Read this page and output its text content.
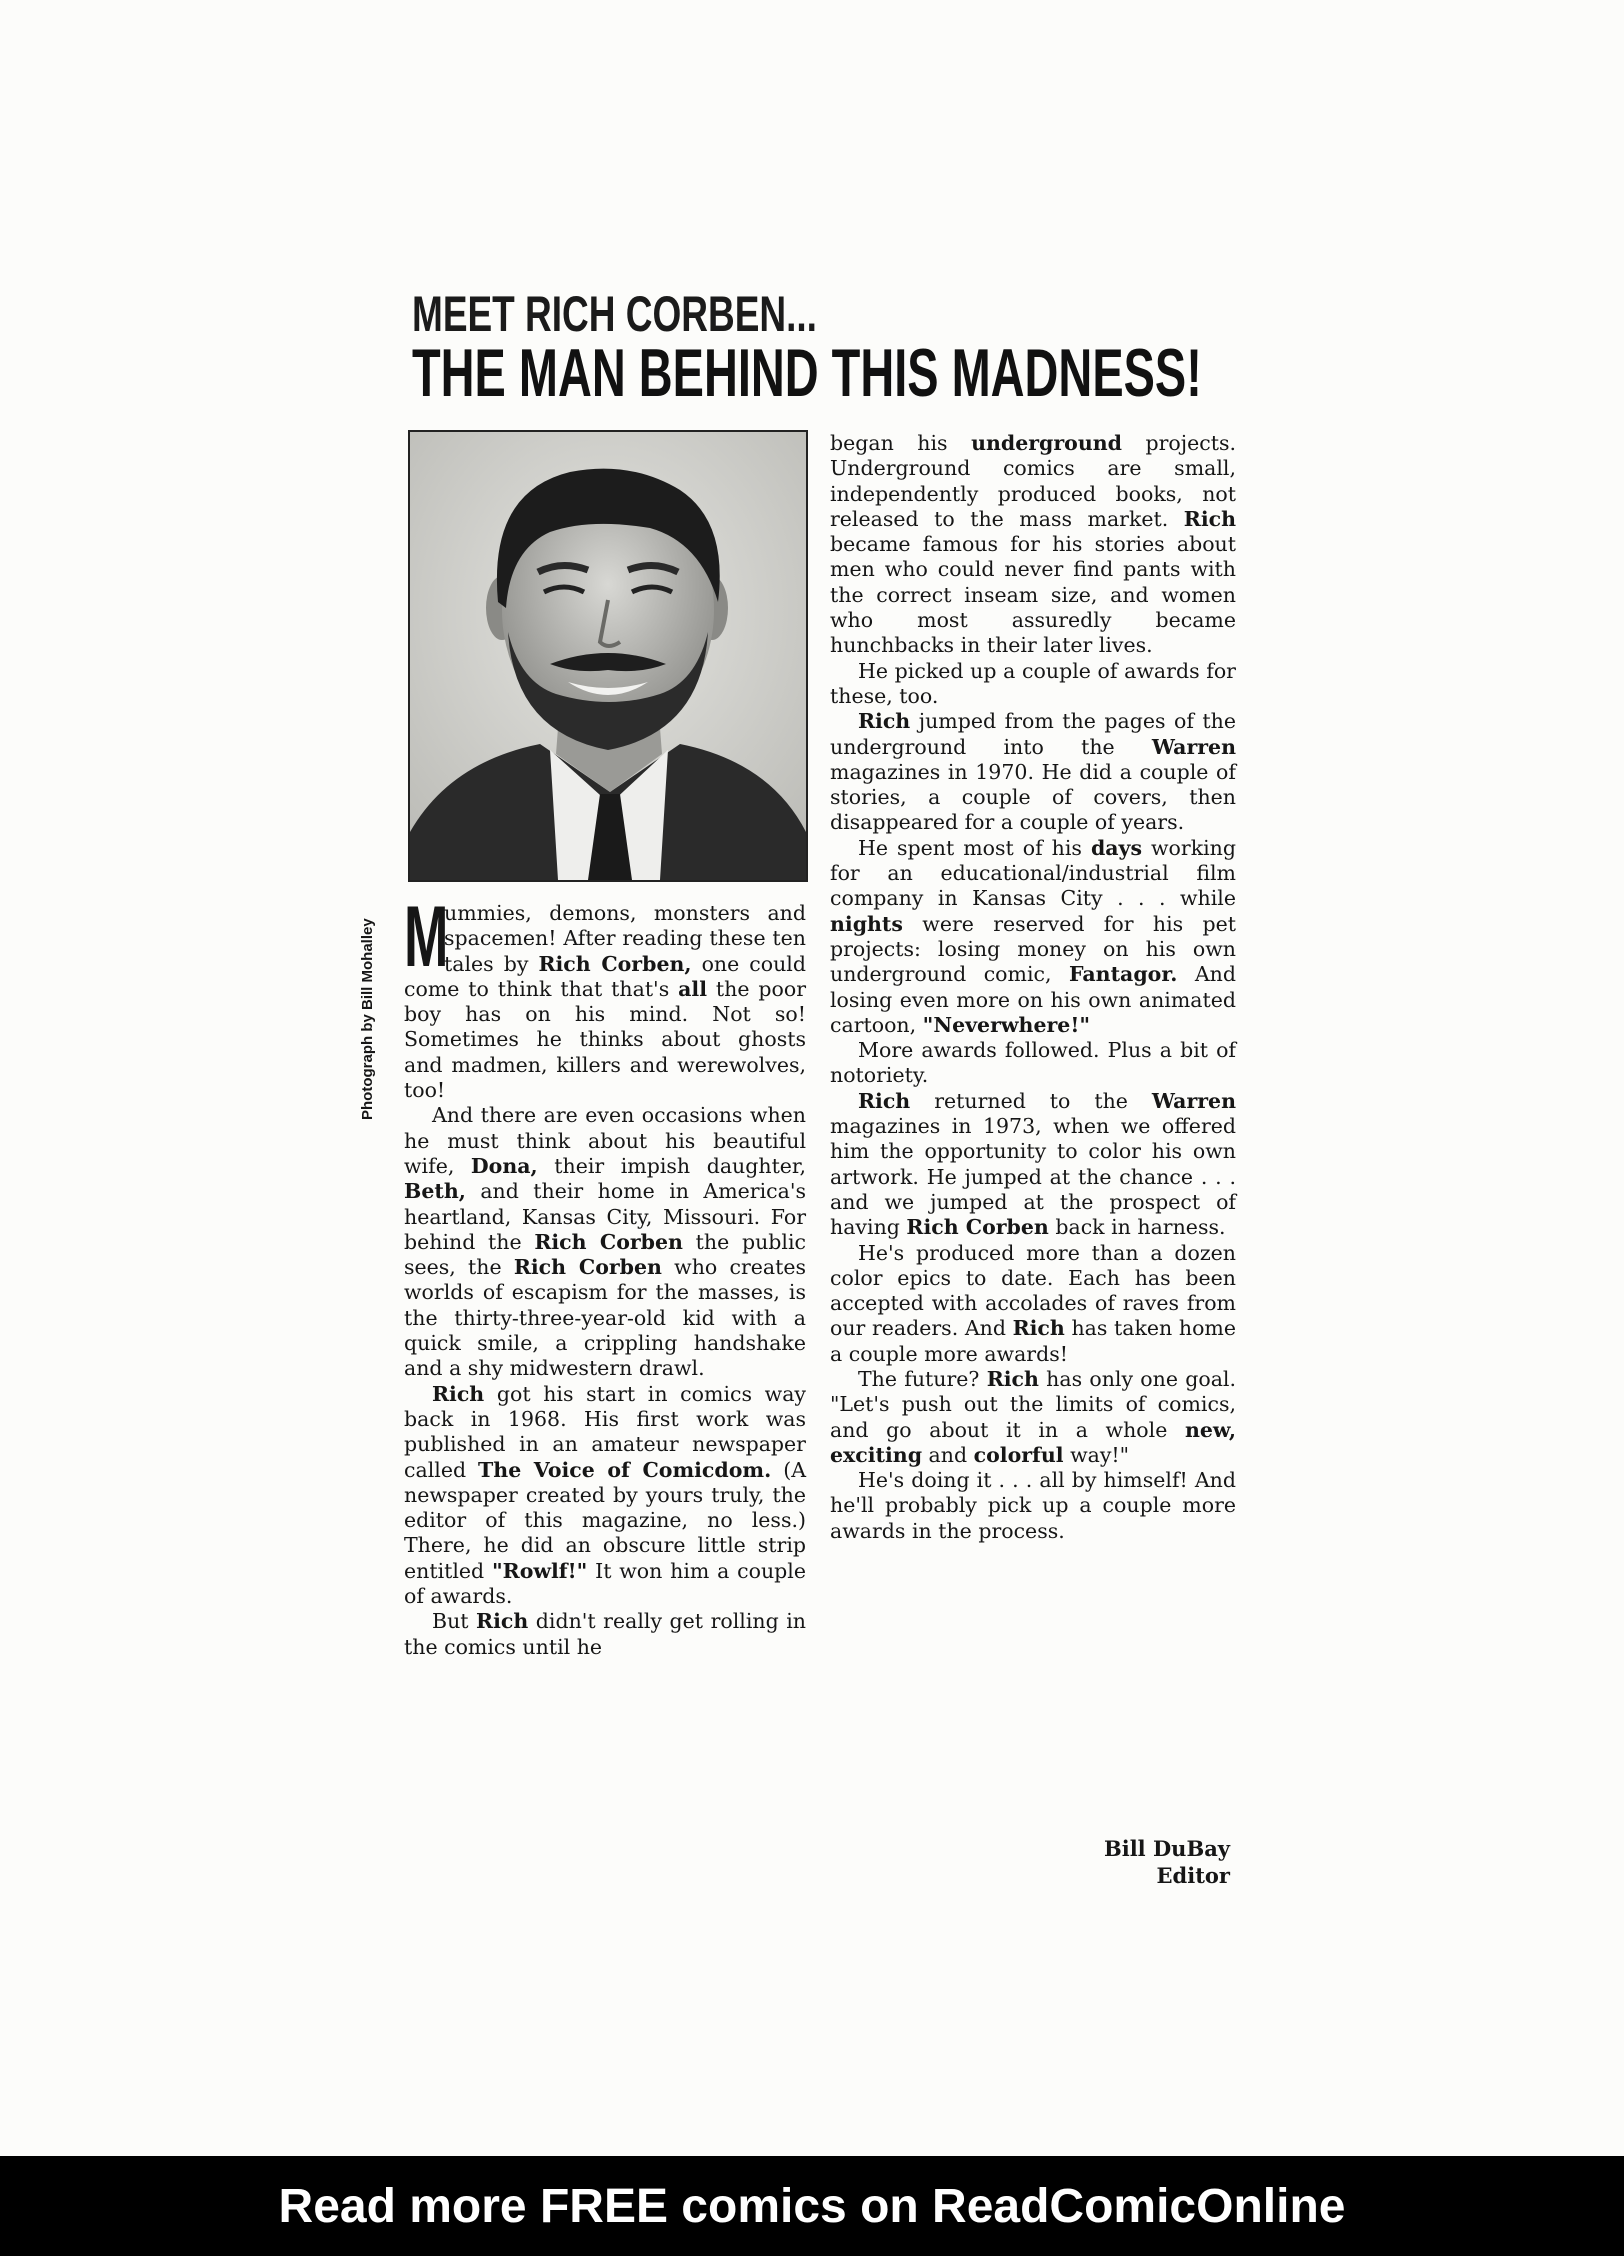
MEET RICH CORBEN...
THE MAN BEHIND THIS MADNESS!
Photograph by Bill Mohalley M

ummies, demons, monsters and spacemen! After reading these ten tales by Rich Corben, one could come to think that that's all the poor boy has on his mind. Not so! Sometimes he thinks about ghosts and madmen, killers and werewolves, too!

And there are even occasions when he must think about his beautiful wife, Dona, their impish daughter, Beth, and their home in America's heartland, Kansas City, Missouri. For behind the Rich Corben the public sees, the Rich Corben who creates worlds of escapism for the masses, is the thirty-three-year-old kid with a quick smile, a crippling handshake and a shy midwestern drawl.

Rich got his start in comics way back in 1968. His first work was published in an amateur newspaper called The Voice of Comicdom. (A newspaper created by yours truly, the editor of this magazine, no less.) There, he did an obscure little strip entitled "Rowlf!" It won him a couple of awards.

But Rich didn't really get rolling in the comics until he

began his underground projects. Underground comics are small, independently produced books, not released to the mass market. Rich became famous for his stories about men who could never find pants with the correct inseam size, and women who most assuredly became hunchbacks in their later lives.

He picked up a couple of awards for these, too.

Rich jumped from the pages of the underground into the Warren magazines in 1970. He did a couple of stories, a couple of covers, then disappeared for a couple of years.

He spent most of his days working for an educational/industrial film company in Kansas City . . . while nights were reserved for his pet projects: losing money on his own underground comic, Fantagor. And losing even more on his own animated cartoon, "Neverwhere!"

More awards followed. Plus a bit of notoriety.

Rich returned to the Warren magazines in 1973, when we offered him the opportunity to color his own artwork. He jumped at the chance . . . and we jumped at the prospect of having Rich Corben back in harness.

He's produced more than a dozen color epics to date. Each has been accepted with accolades of raves from our readers. And Rich has taken home a couple more awards!

The future? Rich has only one goal. "Let's push out the limits of comics, and go about it in a whole new, exciting and colorful way!"

He's doing it . . . all by himself! And he'll probably pick up a couple more awards in the process.

Bill DuBay
Editor
Read more FREE comics on ReadComicOnline
